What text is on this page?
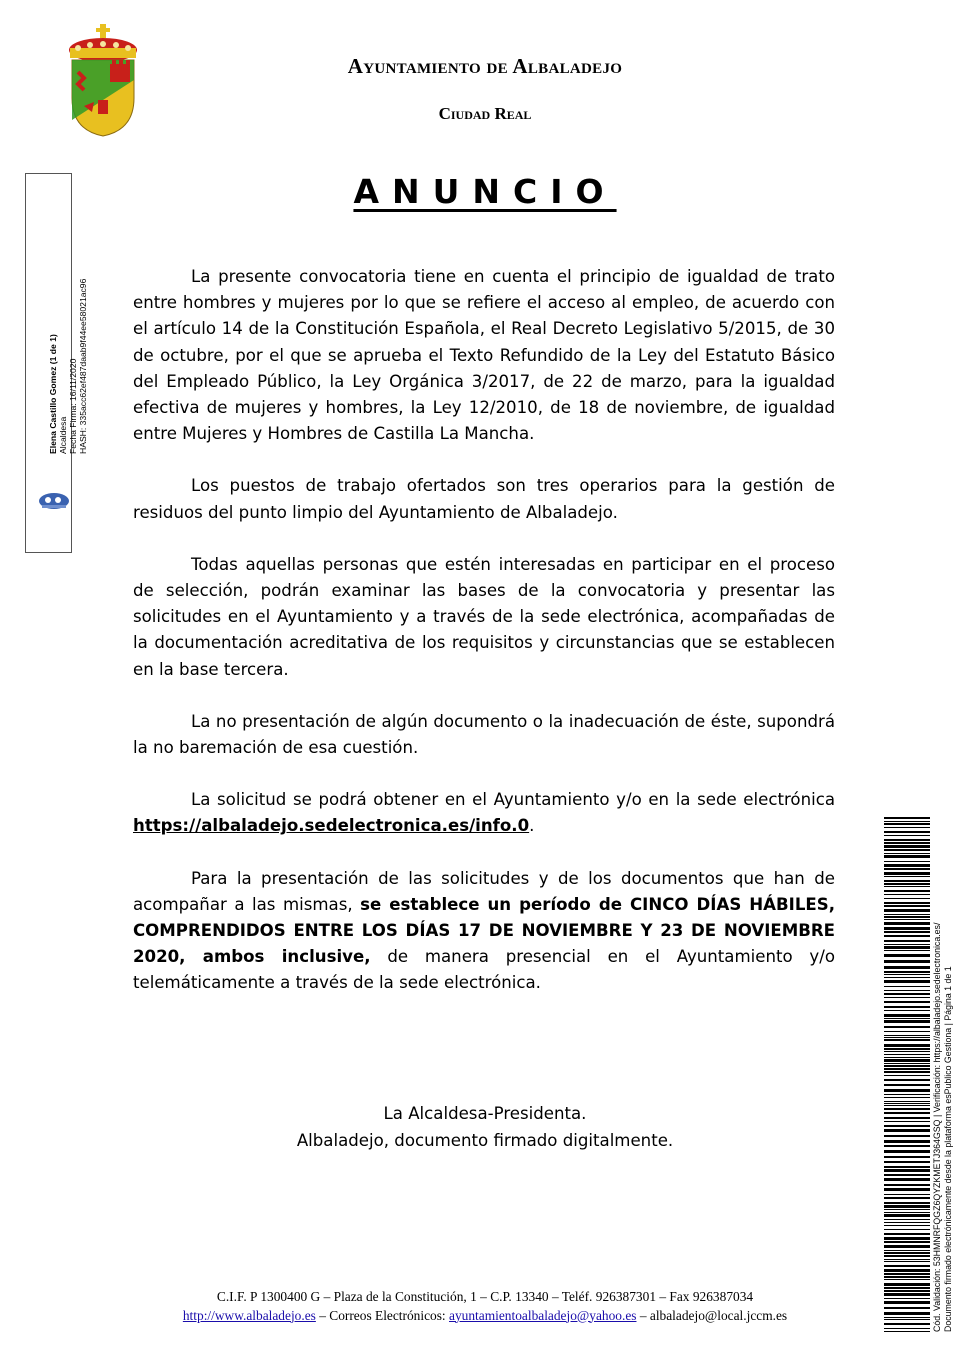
Ayuntamiento de Albaladejo
Ciudad Real
ANUNCIO

La presente convocatoria tiene en cuenta el principio de igualdad de trato entre hombres y mujeres por lo que se refiere el acceso al empleo, de acuerdo con el artículo 14 de la Constitución Española, el Real Decreto Legislativo 5/2015, de 30 de octubre, por el que se aprueba el Texto Refundido de la Ley del Estatuto Básico del Empleado Público, la Ley Orgánica 3/2017, de 22 de marzo, para la igualdad efectiva de mujeres y hombres, la Ley 12/2010, de 18 de noviembre, de igualdad entre Mujeres y Hombres de Castilla La Mancha.

Los puestos de trabajo ofertados son tres operarios para la gestión de residuos del punto limpio del Ayuntamiento de Albaladejo.

Todas aquellas personas que estén interesadas en participar en el proceso de selección, podrán examinar las bases de la convocatoria y presentar las solicitudes en el Ayuntamiento y a través de la sede electrónica, acompañadas de la documentación acreditativa de los requisitos y circunstancias que se establecen en la base tercera.

La no presentación de algún documento o la inadecuación de éste, supondrá la no baremación de esa cuestión.

La solicitud se podrá obtener en el Ayuntamiento y/o en la sede electrónica https://albaladejo.sedelectronica.es/info.0.

Para la presentación de las solicitudes y de los documentos que han de acompañar a las mismas, se establece un período de CINCO DÍAS HÁBILES, COMPRENDIDOS ENTRE LOS DÍAS 17 DE NOVIEMBRE Y 23 DE NOVIEMBRE 2020, ambos inclusive, de manera presencial en el Ayuntamiento y/o telemáticamente a través de la sede electrónica.

La Alcaldesa-Presidenta.
Albaladejo, documento firmado digitalmente.
C.I.F. P 1300400 G – Plaza de la Constitución, 1 – C.P. 13340 – Teléf. 926387301 – Fax 926387034
http://www.albaladejo.es – Correos Electrónicos: ayuntamientoalbaladejo@yahoo.es – albaladejo@local.jccm.es
Elena Castillo Gomez (1 de 1) Alcaldesa Fecha Firma: 16/11/2020 HASH: 335acc62ef487daab9f44ee58021ac96
Cód. Validación: 53HMNRFQGZ6QYZKMETJ364GSQ | Verificación: https://albaladejo.sedelectronica.es/ Documento firmado electrónicamente desde la plataforma esPublico Gestiona | Página 1 de 1
